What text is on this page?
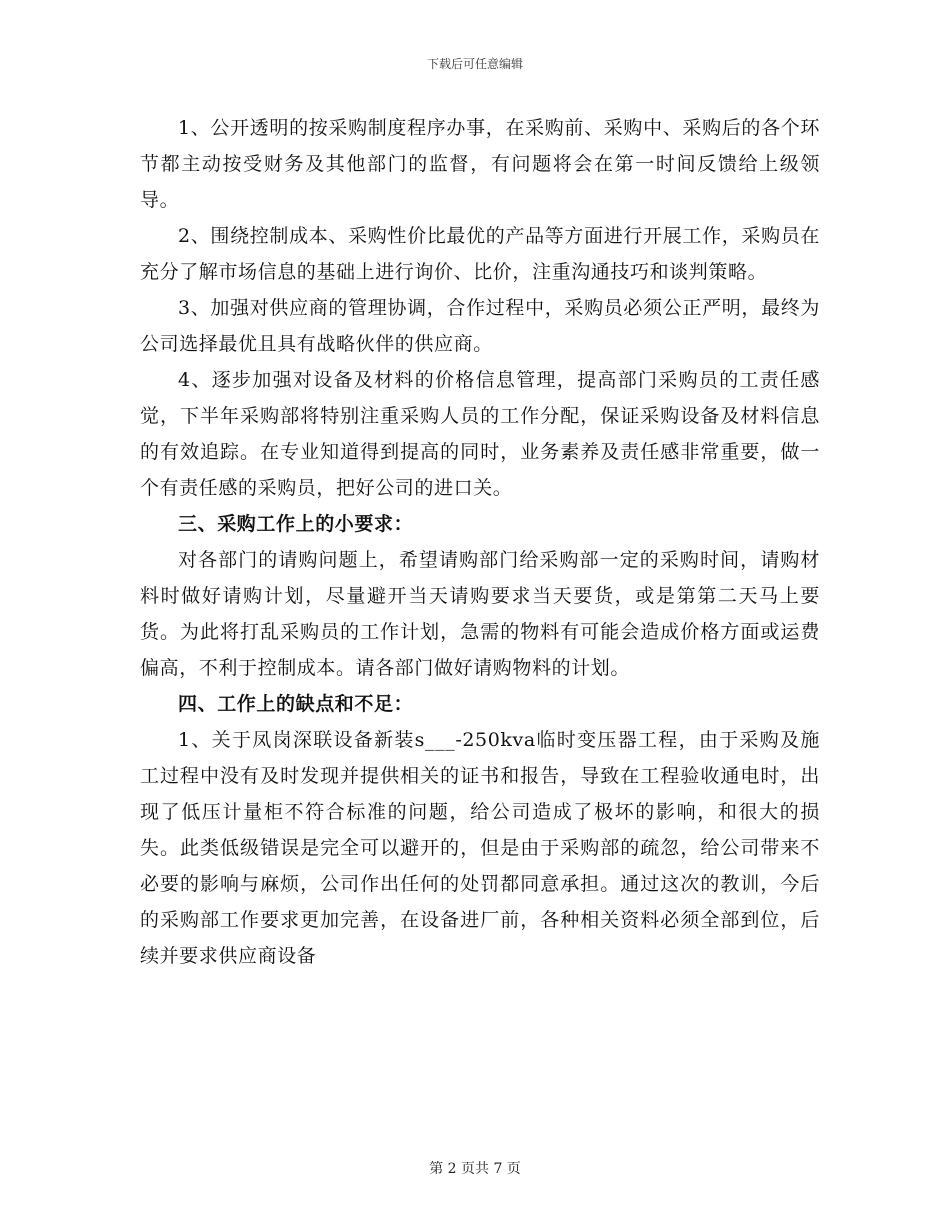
下载后可任意编辑

1、公开透明的按采购制度程序办事，在采购前、采购中、采购后的各个环节都主动按受财务及其他部门的监督，有问题将会在第一时间反馈给上级领导。

2、围绕控制成本、采购性价比最优的产品等方面进行开展工作，采购员在充分了解市场信息的基础上进行询价、比价，注重沟通技巧和谈判策略。

3、加强对供应商的管理协调，合作过程中，采购员必须公正严明，最终为公司选择最优且具有战略伙伴的供应商。

4、逐步加强对设备及材料的价格信息管理，提高部门采购员的工责任感觉，下半年采购部将特别注重采购人员的工作分配，保证采购设备及材料信息的有效追踪。在专业知道得到提高的同时，业务素养及责任感非常重要，做一个有责任感的采购员，把好公司的进口关。

三、采购工作上的小要求：

对各部门的请购问题上，希望请购部门给采购部一定的采购时间，请购材料时做好请购计划，尽量避开当天请购要求当天要货，或是第第二天马上要货。为此将打乱采购员的工作计划，急需的物料有可能会造成价格方面或运费偏高，不利于控制成本。请各部门做好请购物料的计划。

四、工作上的缺点和不足：

1、关于凤岗深联设备新装s___-250kva临时变压器工程，由于采购及施工过程中没有及时发现并提供相关的证书和报告，导致在工程验收通电时，出现了低压计量柜不符合标准的问题，给公司造成了极坏的影响，和很大的损失。此类低级错误是完全可以避开的，但是由于采购部的疏忽，给公司带来不必要的影响与麻烦，公司作出任何的处罚都同意承担。通过这次的教训，今后的采购部工作要求更加完善，在设备进厂前，各种相关资料必须全部到位，后续并要求供应商设备

第 2 页共 7 页
